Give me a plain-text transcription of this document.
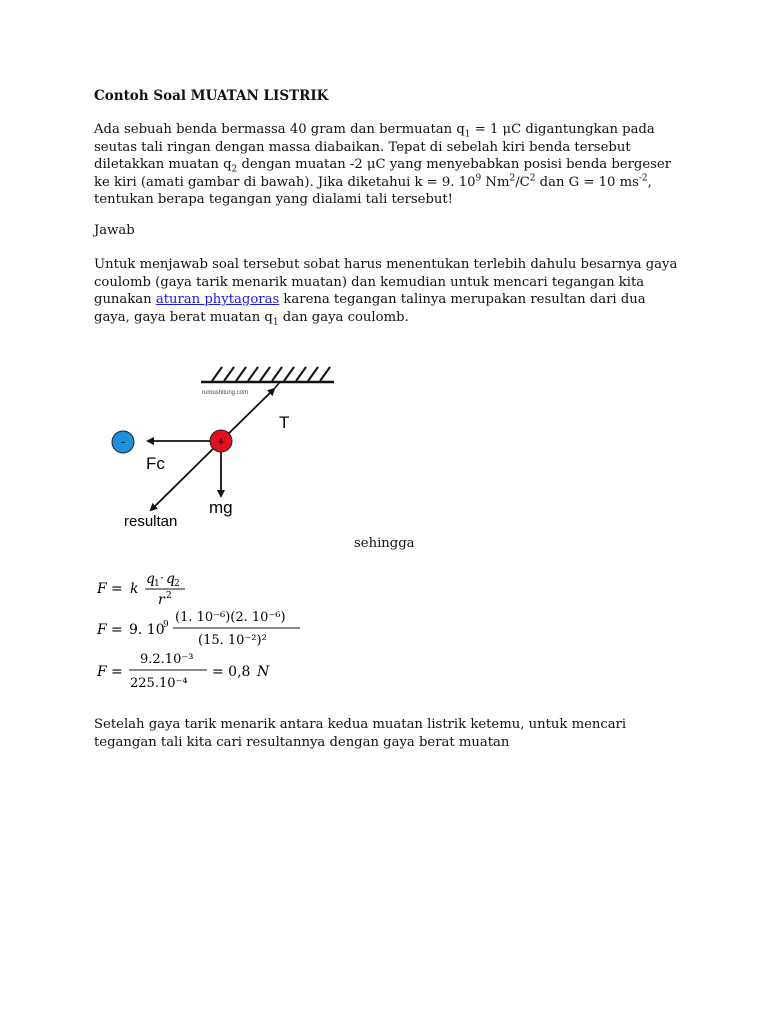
Contoh Soal MUATAN LISTRIK
Ada sebuah benda bermassa 40 gram dan bermuatan $q_1 = 1$ μC digantungkan pada seutas tali ringan dengan massa diabaikan. Tepat di sebelah kiri benda tersebut diletakkan muatan $q_2$ dengan muatan -2 μC yang menyebabkan posisi benda bergeser ke kiri (amati gambar di bawah). Jika diketahui k = 9. $10^9$ $Nm^2/C^2$ dan G = 10 $ms^{-2}$, tentukan berapa tegangan yang dialami tali tersebut!
Jawab
Untuk menjawab soal tersebut sobat harus menentukan terlebih dahulu besarnya gaya coulomb (gaya tarik menarik muatan) dan kemudian untuk mencari tegangan kita gunakan aturan phytagoras karena tegangan talinya merupakan resultan dari dua gaya, gaya berat muatan $q_1$ dan gaya coulomb.
rumushitung.com
-	+
T
Fc
mg
resultan
sehingga
F = k
q 1 · q 2
r 2
F = 9. 10
9 (1. 10⁻⁶)(2. 10⁻⁶)
(15. 10⁻²)²
F =
9.2.10⁻³
225.10⁻⁴
= 0,8 N
Setelah gaya tarik menarik antara kedua muatan listrik ketemu, untuk mencari tegangan tali kita cari resultannya dengan gaya berat muatan
